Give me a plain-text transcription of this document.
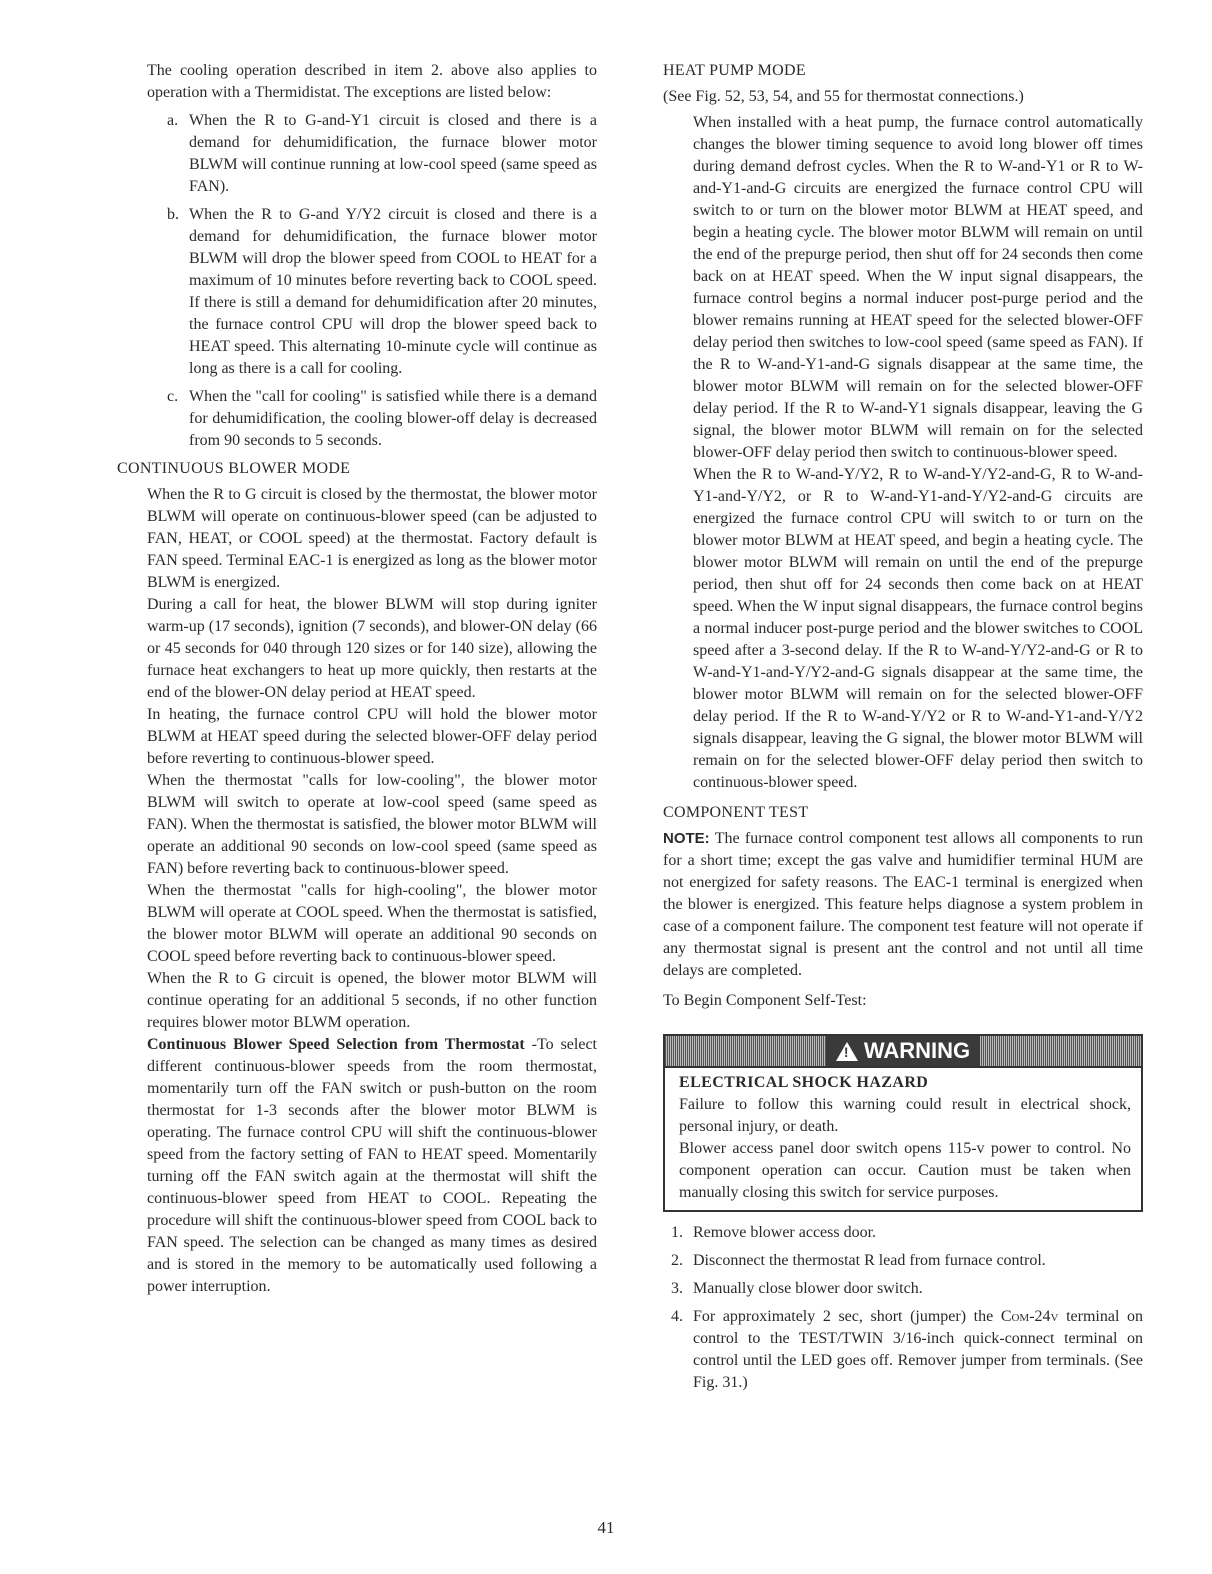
The cooling operation described in item 2. above also applies to operation with a Thermidistat. The exceptions are listed below:

a. When the R to G-and-Y1 circuit is closed and there is a demand for dehumidification, the furnace blower motor BLWM will continue running at low-cool speed (same speed as FAN).
b. When the R to G-and Y/Y2 circuit is closed and there is a demand for dehumidification, the furnace blower motor BLWM will drop the blower speed from COOL to HEAT for a maximum of 10 minutes before reverting back to COOL speed. If there is still a demand for dehumidification after 20 minutes, the furnace control CPU will drop the blower speed back to HEAT speed. This alternating 10-minute cycle will continue as long as there is a call for cooling.
c. When the "call for cooling" is satisfied while there is a demand for dehumidification, the cooling blower-off delay is decreased from 90 seconds to 5 seconds.
CONTINUOUS BLOWER MODE

When the R to G circuit is closed by the thermostat, the blower motor BLWM will operate on continuous-blower speed (can be adjusted to FAN, HEAT, or COOL speed) at the thermostat. Factory default is FAN speed. Terminal EAC-1 is energized as long as the blower motor BLWM is energized.

During a call for heat, the blower BLWM will stop during igniter warm-up (17 seconds), ignition (7 seconds), and blower-ON delay (66 or 45 seconds for 040 through 120 sizes or for 140 size), allowing the furnace heat exchangers to heat up more quickly, then restarts at the end of the blower-ON delay period at HEAT speed.

In heating, the furnace control CPU will hold the blower motor BLWM at HEAT speed during the selected blower-OFF delay period before reverting to continuous-blower speed.

When the thermostat "calls for low-cooling", the blower motor BLWM will switch to operate at low-cool speed (same speed as FAN). When the thermostat is satisfied, the blower motor BLWM will operate an additional 90 seconds on low-cool speed (same speed as FAN) before reverting back to continuous-blower speed.

When the thermostat "calls for high-cooling", the blower motor BLWM will operate at COOL speed. When the thermostat is satisfied, the blower motor BLWM will operate an additional 90 seconds on COOL speed before reverting back to continuous-blower speed.

When the R to G circuit is opened, the blower motor BLWM will continue operating for an additional 5 seconds, if no other function requires blower motor BLWM operation.

Continuous Blower Speed Selection from Thermostat -To select different continuous-blower speeds from the room thermostat, momentarily turn off the FAN switch or push-button on the room thermostat for 1-3 seconds after the blower motor BLWM is operating. The furnace control CPU will shift the continuous-blower speed from the factory setting of FAN to HEAT speed. Momentarily turning off the FAN switch again at the thermostat will shift the continuous-blower speed from HEAT to COOL. Repeating the procedure will shift the continuous-blower speed from COOL back to FAN speed. The selection can be changed as many times as desired and is stored in the memory to be automatically used following a power interruption.

HEAT PUMP MODE

(See Fig. 52, 53, 54, and 55 for thermostat connections.)

When installed with a heat pump, the furnace control automatically changes the blower timing sequence to avoid long blower off times during demand defrost cycles. When the R to W-and-Y1 or R to W-and-Y1-and-G circuits are energized the furnace control CPU will switch to or turn on the blower motor BLWM at HEAT speed, and begin a heating cycle. The blower motor BLWM will remain on until the end of the prepurge period, then shut off for 24 seconds then come back on at HEAT speed. When the W input signal disappears, the furnace control begins a normal inducer post-purge period and the blower remains running at HEAT speed for the selected blower-OFF delay period then switches to low-cool speed (same speed as FAN). If the R to W-and-Y1-and-G signals disappear at the same time, the blower motor BLWM will remain on for the selected blower-OFF delay period. If the R to W-and-Y1 signals disappear, leaving the G signal, the blower motor BLWM will remain on for the selected blower-OFF delay period then switch to continuous-blower speed.

When the R to W-and-Y/Y2, R to W-and-Y/Y2-and-G, R to W-and-Y1-and-Y/Y2, or R to W-and-Y1-and-Y/Y2-and-G circuits are energized the furnace control CPU will switch to or turn on the blower motor BLWM at HEAT speed, and begin a heating cycle. The blower motor BLWM will remain on until the end of the prepurge period, then shut off for 24 seconds then come back on at HEAT speed. When the W input signal disappears, the furnace control begins a normal inducer post-purge period and the blower switches to COOL speed after a 3-second delay. If the R to W-and-Y/Y2-and-G or R to W-and-Y1-and-Y/Y2-and-G signals disappear at the same time, the blower motor BLWM will remain on for the selected blower-OFF delay period. If the R to W-and-Y/Y2 or R to W-and-Y1-and-Y/Y2 signals disappear, leaving the G signal, the blower motor BLWM will remain on for the selected blower-OFF delay period then switch to continuous-blower speed.

COMPONENT TEST

NOTE: The furnace control component test allows all components to run for a short time; except the gas valve and humidifier terminal HUM are not energized for safety reasons. The EAC-1 terminal is energized when the blower is energized. This feature helps diagnose a system problem in case of a component failure. The component test feature will not operate if any thermostat signal is present ant the control and not until all time delays are completed.

To Begin Component Self-Test:

!
WARNING
ELECTRICAL SHOCK HAZARD

Failure to follow this warning could result in electrical shock, personal injury, or death.

Blower access panel door switch opens 115-v power to control. No component operation can occur. Caution must be taken when manually closing this switch for service purposes.

1. Remove blower access door.
2. Disconnect the thermostat R lead from furnace control.
3. Manually close blower door switch.
4. For approximately 2 sec, short (jumper) the Com-24v terminal on control to the TEST/TWIN 3/16-inch quick-connect terminal on control until the LED goes off. Remover jumper from terminals. (See Fig. 31.)
41
